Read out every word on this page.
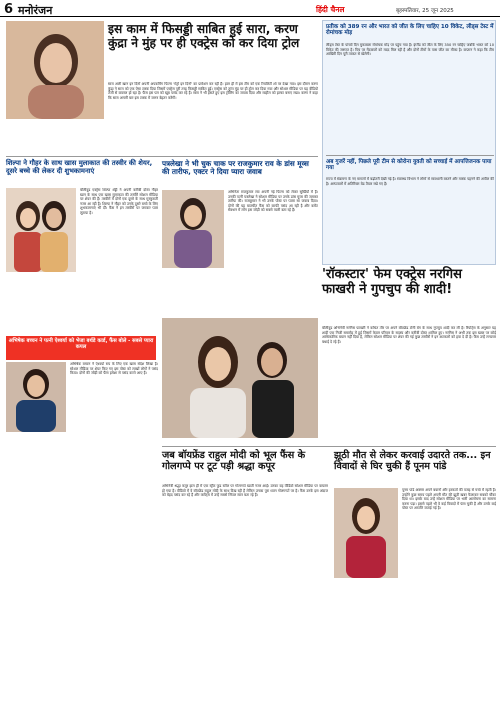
6 मनोरंजन	हिंदी चैनल	बृहस्पतिवार, 25 जून 2025
इस काम में फिसड्डी साबित हुई सारा, करण कुंद्रा ने मुंह पर ही एक्ट्रेस को कर दिया ट्रोल
सारा अली खान इन दिनों अपनी अपकमिंग फिल्म 'मेट्रो इन दिनों' का प्रमोशन कर रही हैं। हाल ही में इस टीम को एक रियलिटी शो पर देखा गया। इस दौरान करण कुंद्रा ने सारा को एक ऐसा टास्क दिया जिसमें एक्ट्रेस पूरी तरह फिसड्डी साबित हुईं। एक्ट्रेस को तुरंत मुंह पर ही ट्रोल कर दिया गया और सोशल मीडिया पर यह वीडियो तेजी से वायरल हो रहा है। फैंस इस पल को खूब पसंद कर रहे हैं। सारा ने भी हंसते हुए इस ट्रोलिंग का जवाब दिया और माहौल को हल्का बनाए रखा। करण ने कहा कि सारा अगली बार इस टास्क में जरूर बेहतर करेंगी।
प्रतीक को 389 रन और भारत को जीत के लिए चाहिए 10 विकेट, लीड्स टेस्ट में रोमांचक मोड़
लीड्स टेस्ट के पांचवें दिन मुकाबला रोमांचक मोड़ पर पहुंच गया है। इंग्लैंड को जीत के लिए 350 रन चाहिए जबकि भारत को 10 विकेट की जरूरत है। पिच पर गेंदबाजों को मदद मिल रही है और दोनों टीमों के पास जीत का मौका है। कप्तान ने कहा कि टीम आखिरी दिन पूरी ताकत से खेलेगी।
अब गुजरें नहीं, पिछले पूरी टीम से कोरोना युवती को सच्चाई में आपत्तिजनक पाया गया
राज्य में संक्रमण के नए मामलों में बढ़ोतरी देखी गई है। स्वास्थ्य विभाग ने लोगों से सावधानी बरतने और मास्क पहनने की अपील की है। अस्पतालों में अतिरिक्त बेड तैयार रखे गए हैं।
शिल्पा ने गौहर के साथ खास मुलाकात की तस्वीर की शेयर, दूसरे बच्चे की लेकर दी शुभकामनाएं
बॉलीवुड एक्ट्रेस शिल्पा शेट्टी ने अपनी करीबी दोस्त गौहर खान के साथ एक खास मुलाकात की तस्वीरें सोशल मीडिया पर शेयर की हैं। तस्वीरों में दोनों एक दूसरे के साथ मुस्कुराती नजर आ रही हैं। शिल्पा ने गौहर को उनके दूसरे बच्चे के लिए शुभकामनाएं भी दीं। फैंस ने इन तस्वीरों पर जमकर प्यार लुटाया है।
पत्रलेखा ने भी चुक चाक पर राजकुमार राव के डांस मूव्स की तारीफ, एक्टर ने दिया प्यारा जवाब
अभिनेता राजकुमार राव अपनी नई फिल्म को लेकर सुर्खियों में हैं। उनकी पत्नी पत्रलेखा ने सोशल मीडिया पर उनके डांस मूव्स की जमकर तारीफ की। राजकुमार ने भी उनके पोस्ट पर प्यारा सा जवाब दिया। दोनों की यह बातचीत फैंस को काफी पसंद आ रही है और कमेंट सेक्शन में लोग इस जोड़ी को सबसे प्यारी बता रहे हैं।
अभिषेक बच्चन ने पत्नी ऐश्वर्या को भेजा बर्थडे कार्ड, फैंस बोले - सबसे प्यारा कपल
अभिषेक बच्चन ने ऐश्वर्या राय के लिए एक खास संदेश लिखा है। सोशल मीडिया पर शेयर किए गए इस पोस्ट को लाखों लोगों ने पसंद किया। दोनों की जोड़ी को फैंस हमेशा से पसंद करते आए हैं।
'रॉकस्टार' फेम एक्ट्रेस नरगिस फाखरी ने गुपचुप की शादी!
बॉलीवुड अभिनेत्री नरगिस फाखरी ने कथित तौर पर अपने बॉयफ्रेंड टोनी बेग के साथ गुपचुप शादी कर ली है। रिपोर्ट्स के अनुसार यह शादी एक निजी समारोह में हुई जिसमें केवल परिवार के सदस्य और करीबी दोस्त शामिल हुए। नरगिस ने अभी तक इस खबर पर कोई आधिकारिक बयान नहीं दिया है, लेकिन सोशल मीडिया पर शेयर की गई कुछ तस्वीरों ने इन अटकलों को हवा दे दी है। फैंस उन्हें लगातार बधाई दे रहे हैं।
जब बॉयफ्रेंड राहुल मोदी को भूल फैंस के गोलगप्पे पर टूट पड़ी श्रद्धा कपूर
अभिनेत्री श्रद्धा कपूर हाल ही में एक स्ट्रीट फूड स्टॉल पर गोलगप्पे खाती नजर आईं। उनका यह वीडियो सोशल मीडिया पर वायरल हो गया है। वीडियो में वे बॉयफ्रेंड राहुल मोदी के साथ दिख रही हैं लेकिन उनका पूरा ध्यान गोलगप्पों पर है। फैंस उनके इस अंदाज को बेहद पसंद कर रहे हैं और कमेंट्स में उन्हें सबसे सिंपल स्टार बता रहे हैं।
झूठी मौत से लेकर करवाई उदारते तक... इन विवादों से घिर चुकी हैं पूनम पांडे
पूनम पांडे अक्सर अपने बयानों और हरकतों की वजह से चर्चा में रहती हैं। उन्होंने कुछ समय पहले अपनी मौत की झूठी खबर फैलाकर सबको चौंका दिया था। इसके बाद उन्हें सोशल मीडिया पर भारी आलोचना का सामना करना पड़ा। इससे पहले भी वे कई विवादों में फंस चुकी हैं और उनके कई पोस्ट पर आपत्ति जताई गई है।
